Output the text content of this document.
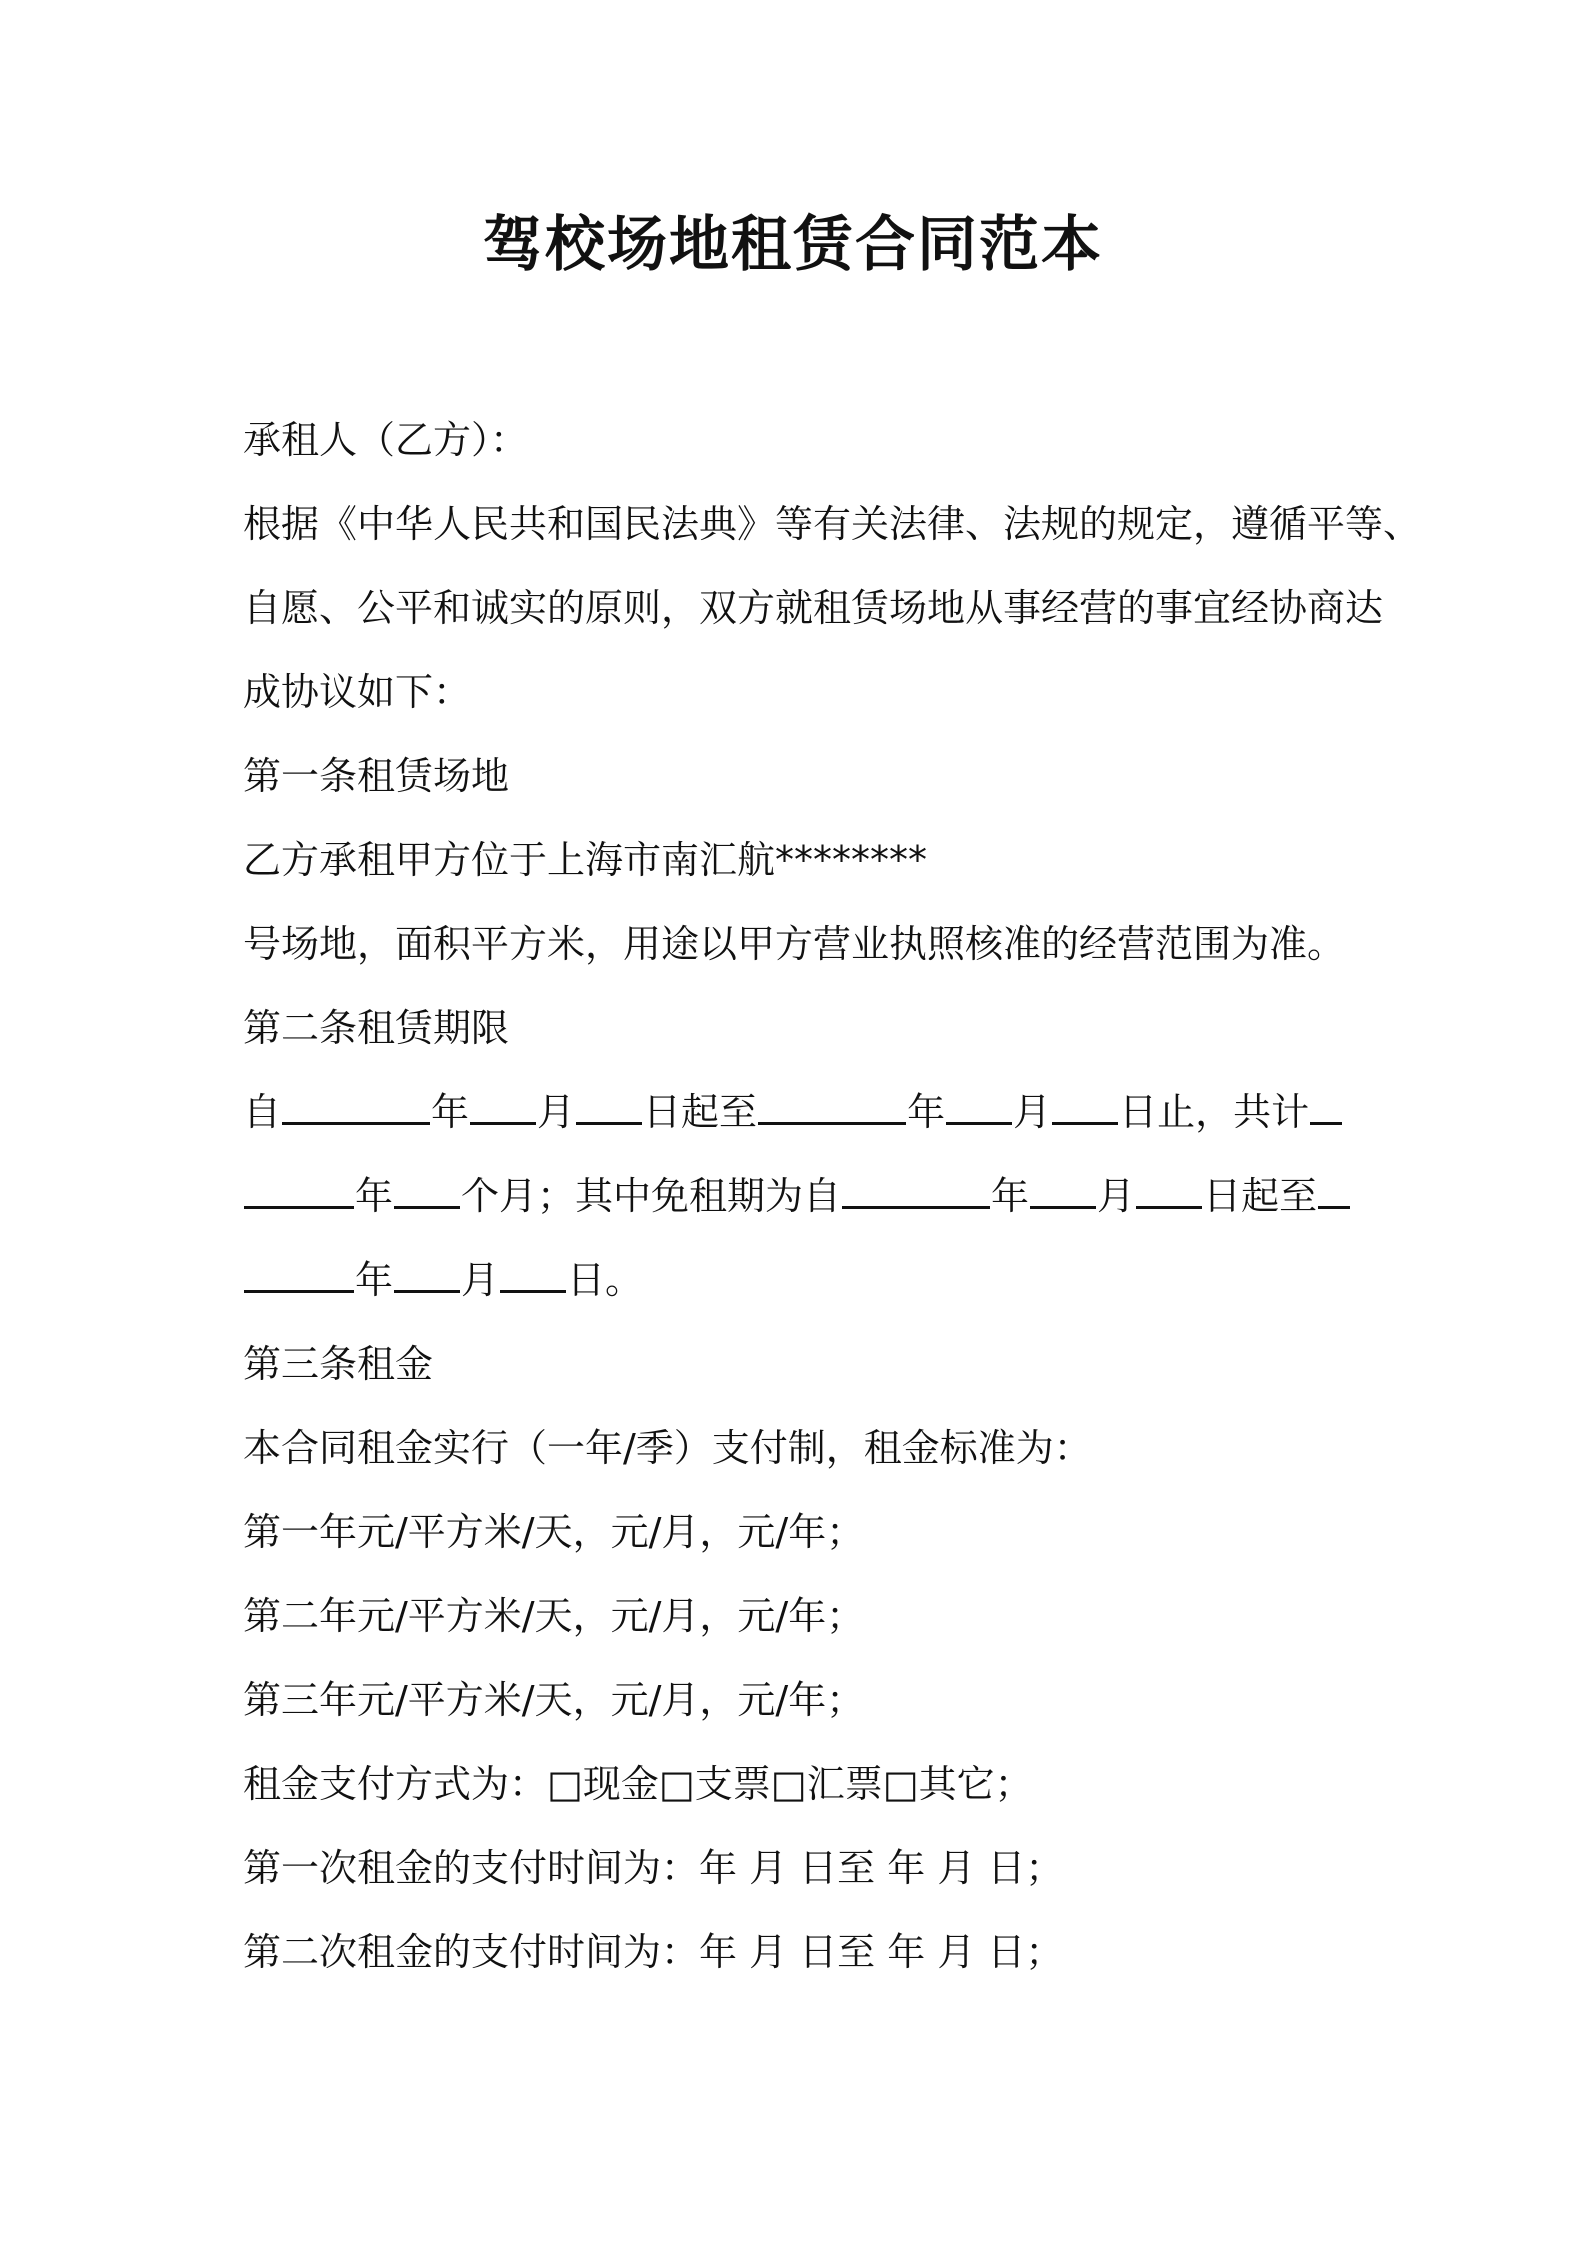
驾校场地租赁合同范本
承租人（乙方）：
根据《中华人民共和国民法典》等有关法律、法规的规定，遵循平等、
自愿、公平和诚实的原则，双方就租赁场地从事经营的事宜经协商达
成协议如下：
第一条租赁场地
乙方承租甲方位于上海市南汇航********
号场地，面积平方米，用途以甲方营业执照核准的经营范围为准。
第二条租赁期限
自	年 月 日起至	年 月 日止，共计
年 个月；其中免租期为自	年 月 日起至
年 月 日。
第三条租金
本合同租金实行（一年/季）支付制，租金标准为：
第一年元/平方米/天，元/月，元/年；
第二年元/平方米/天，元/月，元/年；
第三年元/平方米/天，元/月，元/年；
租金支付方式为：□现金□支票□汇票□其它；
第一次租金的支付时间为：年 月 日至 年 月 日；
第二次租金的支付时间为：年 月 日至 年 月 日；
